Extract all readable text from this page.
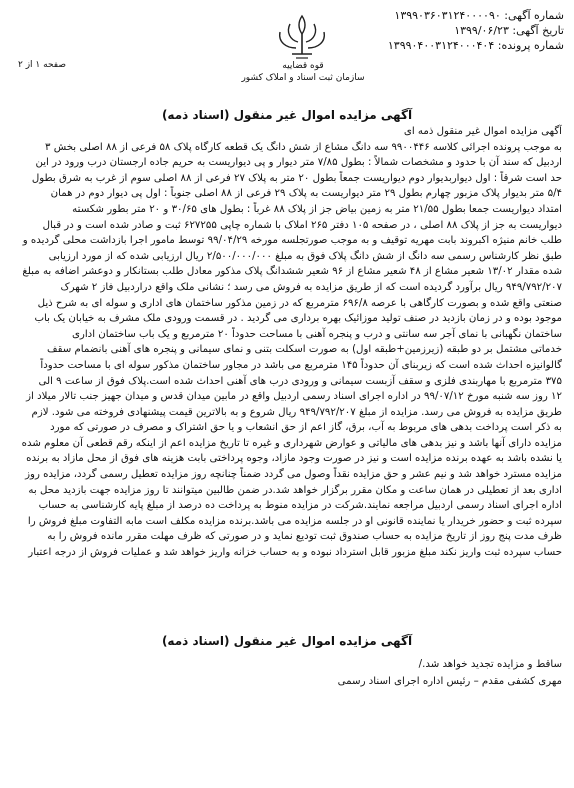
شماره آگهی: ۱۳۹۹۰۳۶۰۳۱۲۴۰۰۰۰۹۰
تاریخ آگهی: ۱۳۹۹/۰۶/۲۳
شماره پرونده: ۱۳۹۹۰۴۰۰۳۱۲۴۰۰۰۴۰۴
صفحه ۱ از ۲	قوه قضاییه
سازمان ثبت اسناد و املاک کشور
آگهی مزایده اموال غیر منقول (اسناد ذمه)
آگهی مزایده اموال غیر منقول ذمه ای
به موجب پرونده اجرائی کلاسه ۹۹۰۰۴۴۶ سه دانگ مشاع از شش دانگ یک قطعه کارگاه پلاک ۵۸ فرعی از ۸۸ اصلی بخش ۳
اردبیل که سند آن با حدود و مشخصات شمالاً : بطول ۷/۸۵ متر دیوار و پی دیواریست به حریم جاده ارجستان درب ورود در این
حد است شرقاً : اول دیواربدیوار دوم دیواریست جمعاً بطول ۲۰ متر به پلاک ۲۷ فرعی از ۸۸ اصلی سوم از غرب به شرق بطول
۵/۴ متر بدیوار پلاک مزبور چهارم بطول ۲۹ متر دیواریست به پلاک ۲۹ فرعی از ۸۸ اصلی جنوباً : اول پی دیوار دوم در همان
امتداد دیواریست جمعا بطول ۲۱/۵۵ متر به زمین بیاض جز از پلاک ۸۸ غرباً : بطول های ۳۰/۶۵ و ۲۰ متر بطور شکسته
دیواریست به جز از پلاک ۸۸ اصلی ، در صفحه ۱۰۵ دفتر ۲۶۵ املاک با شماره چاپی ۶۲۷۲۵۵ ثبت و صادر شده است و در قبال
طلب خانم منیژه اکبروند بابت مهریه توقیف و به موجب صورتجلسه مورخه ۹۹/۰۴/۲۹ توسط مامور اجرا بازداشت محلی گردیده و
طبق نظر کارشناس رسمی سه دانگ از شش دانگ پلاک فوق به مبلغ ۲/۵۰۰/۰۰۰/۰۰۰ ریال ارزیابی شده که از مورد ارزیابی
شده مقدار ۱۳/۰۲ شعیر مشاع از ۴۸ شعیر مشاع از ۹۶ شعیر ششدانگ پلاک مذکور معادل طلب بستانکار و دوعشر اضافه به مبلغ
۹۴۹/۷۹۲/۲۰۷ ریال برآورد گردیده است که از طریق مزایده به فروش می رسد ؛ نشانی ملک واقع دراردبیل فاز ۲ شهرک
صنعتی واقع شده و بصورت کارگاهی با عرصه ۶۹۶/۸ مترمربع که در زمین مذکور ساختمان های اداری و سوله ای به شرح ذیل
موجود بوده و در زمان بازدید در صنف تولید موزائیک بهره برداری می گردید . در قسمت ورودی ملک مشرف به خیابان یک باب
ساختمان نگهبانی با نمای آجر سه سانتی و درب و پنجره آهنی با مساحت حدوداً ۲۰ مترمربع و یک باب ساختمان اداری
خدماتی مشتمل بر دو طبقه (زیرزمین+طبقه اول) به صورت اسکلت بتنی و نمای سیمانی و پنجره های آهنی بانضمام سقف
گالوانیزه احداث شده است که زیربنای آن حدوداً ۱۴۵ مترمربع می باشد در مجاور ساختمان مذکور سوله ای با مساحت حدوداً
۳۷۵ مترمربع با مهاربندی فلزی و سقف آزبست سیمانی و ورودی درب های آهنی احداث شده است.پلاک فوق از ساعت ۹ الی
۱۲ روز سه شنبه مورخ ۹۹/۰۷/۱۲ در اداره اجرای اسناد رسمی اردبیل واقع در مابین میدان قدس و میدان جهیز جنب تالار میلاد از
طریق مزایده به فروش می رسد. مزایده از مبلغ ۹۴۹/۷۹۲/۲۰۷ ریال شروع و به بالاترین قیمت پیشنهادی فروخته می شود. لازم
به ذکر است پرداخت بدهی های مربوط به آب، برق، گاز اعم از حق انشعاب و یا حق اشتراک و مصرف در صورتی که مورد
مزایده دارای آنها باشد و نیز بدهی های مالیاتی و عوارض شهرداری و غیره تا تاریخ مزایده اعم از اینکه رقم قطعی آن معلوم شده
یا نشده باشد به عهده برنده مزایده است و نیز در صورت وجود مازاد، وجوه پرداختی بابت هزینه های فوق از محل مازاد به برنده
مزایده مسترد خواهد شد و نیم عشر و حق مزایده نقداً وصول می گردد ضمناً چنانچه روز مزایده تعطیل رسمی گردد، مزایده روز
اداری بعد از تعطیلی در همان ساعت و مکان مقرر برگزار خواهد شد.در ضمن طالبین میتوانند تا روز مزایده جهت بازدید محل به
اداره اجرای اسناد رسمی اردبیل مراجعه نمایند.شرکت در مزایده منوط به پرداخت ده درصد از مبلغ پایه کارشناسی به حساب
سپرده ثبت و حضور خریدار یا نماینده قانونی او در جلسه مزایده می باشد.برنده مزایده مکلف است مابه التفاوت مبلغ فروش را
ظرف مدت پنج روز از تاریخ مزایده به حساب صندوق ثبت تودیع نماید و در صورتی که ظرف مهلت مقرر مانده فروش را به
حساب سپرده ثبت واریز نکند مبلغ مزبور قابل استرداد نبوده و به حساب خزانه واریز خواهد شد و عملیات فروش از درجه اعتبار
آگهی مزایده اموال غیر منقول (اسناد ذمه)
ساقط و مزایده تجدید خواهد شد./
مهری کشفی مقدم – رئیس اداره اجرای اسناد رسمی
